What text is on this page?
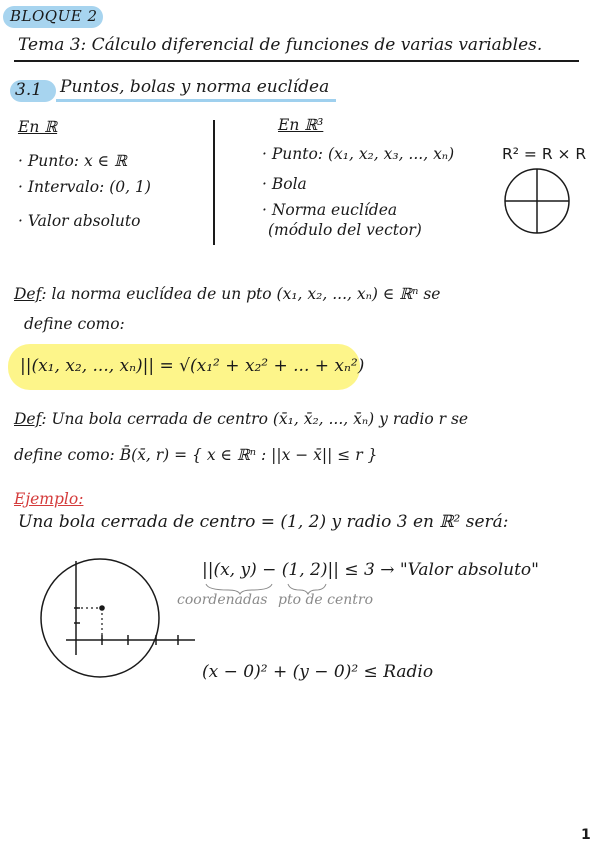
BLOQUE 2
Tema 3: Cálculo diferencial de funciones de varias variables.
3.1 Puntos, bolas y norma euclídea
En ℝ
· Punto: x ∈ ℝ
· Intervalo: (0, 1)
· Valor absoluto
En ℝ³
· Punto: (x₁, x₂, x₃, ..., xₙ)
· Bola
· Norma euclídea
(módulo del vector)
R² = R × R
Def: la norma euclídea de un pto (x₁, x₂, ..., xₙ) ∈ ℝⁿ se
define como:
||(x₁, x₂, ..., xₙ)|| = √(x₁² + x₂² + ... + xₙ²)
Def: Una bola cerrada de centro (x̄₁, x̄₂, ..., x̄ₙ) y radio r se
define como: B̄(x̄, r) = { x ∈ ℝⁿ : ||x − x̄|| ≤ r }
Ejemplo:
Una bola cerrada de centro = (1, 2) y radio 3 en ℝ² será:
||(x, y) − (1, 2)|| ≤ 3 → "Valor absoluto"
coordenadas pto de centro
(x − 0)² + (y − 0)² ≤ Radio
1
